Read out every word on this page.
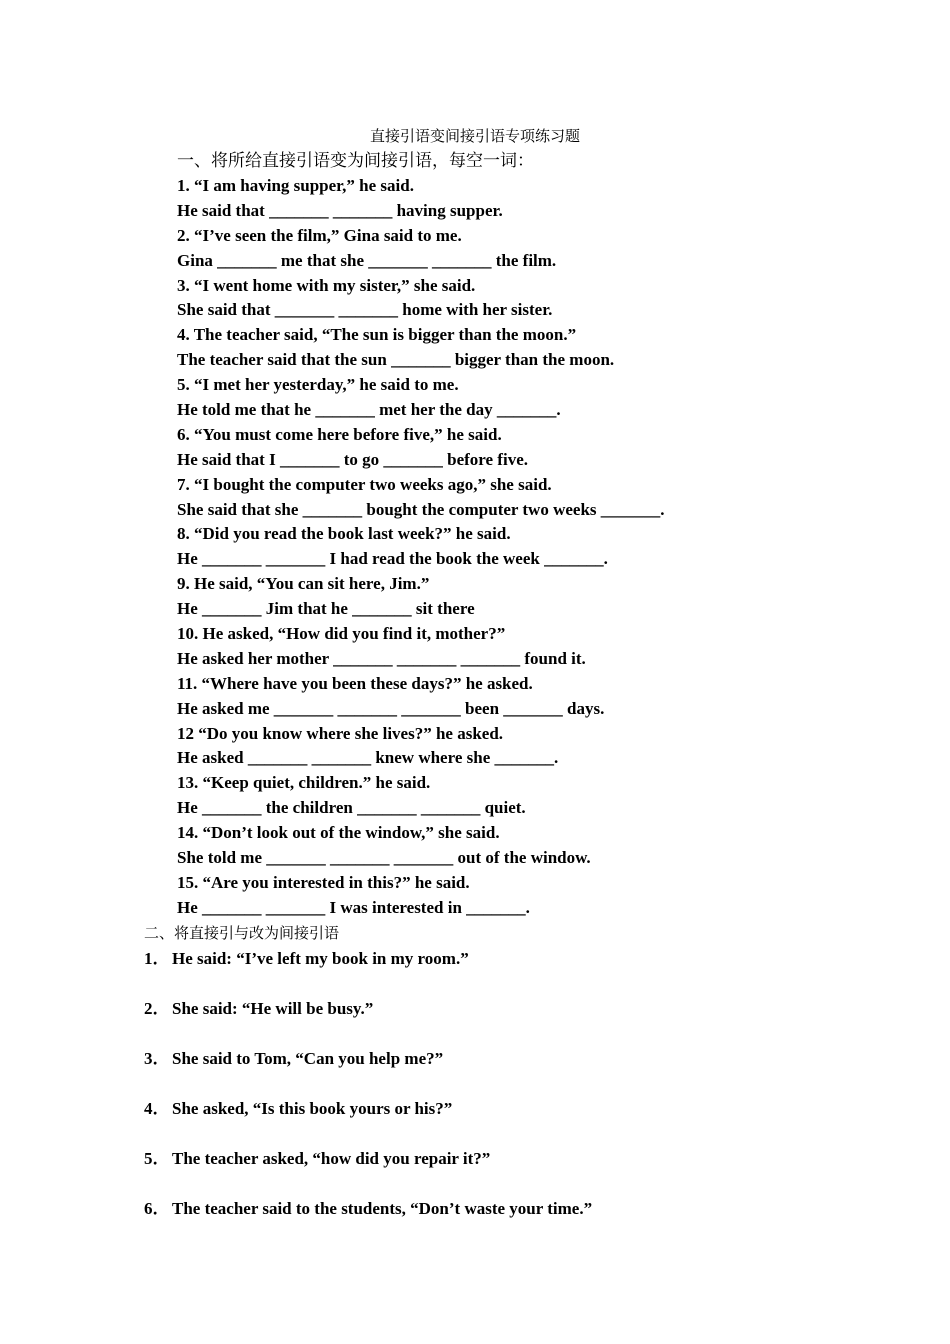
直接引语变间接引语专项练习题
一、将所给直接引语变为间接引语，每空一词：
1. “I am having supper,” he said.
He said that _______ _______ having supper.
2. “I’ve seen the film,” Gina said to me.
Gina _______ me that she _______ _______ the film.
3. “I went home with my sister,” she said.
She said that _______ _______ home with her sister.
4. The teacher said, “The sun is bigger than the moon.”
The teacher said that the sun _______ bigger than the moon.
5. “I met her yesterday,” he said to me.
He told me that he _______ met her the day _______.
6. “You must come here before five,” he said.
He said that I _______ to go _______ before five.
7. “I bought the computer two weeks ago,” she said.
She said that she _______ bought the computer two weeks _______.
8. “Did you read the book last week?” he said.
He _______ _______ I had read the book the week _______.
9. He said, “You can sit here, Jim.”
He _______ Jim that he _______ sit there
10. He asked, “How did you find it, mother?”
He asked her mother _______ _______ _______ found it.
11. “Where have you been these days?” he asked.
He asked me _______ _______ _______ been _______ days.
12 “Do you know where she lives?” he asked.
He asked _______ _______ knew where she _______.
13. “Keep quiet, children.” he said.
He _______ the children _______ _______ quiet.
14. “Don’t look out of the window,” she said.
She told me _______ _______ _______ out of the window.
15. “Are you interested in this?” he said.
He _______ _______ I was interested in _______.
二、将直接引与改为间接引语
1． He said: “I’ve left my book in my room.”
2． She said: “He will be busy.”
3． She said to Tom, “Can you help me?”
4． She asked, “Is this book yours or his?”
5． The teacher asked, “how did you repair it?”
6． The teacher said to the students, “Don’t waste your time.”
